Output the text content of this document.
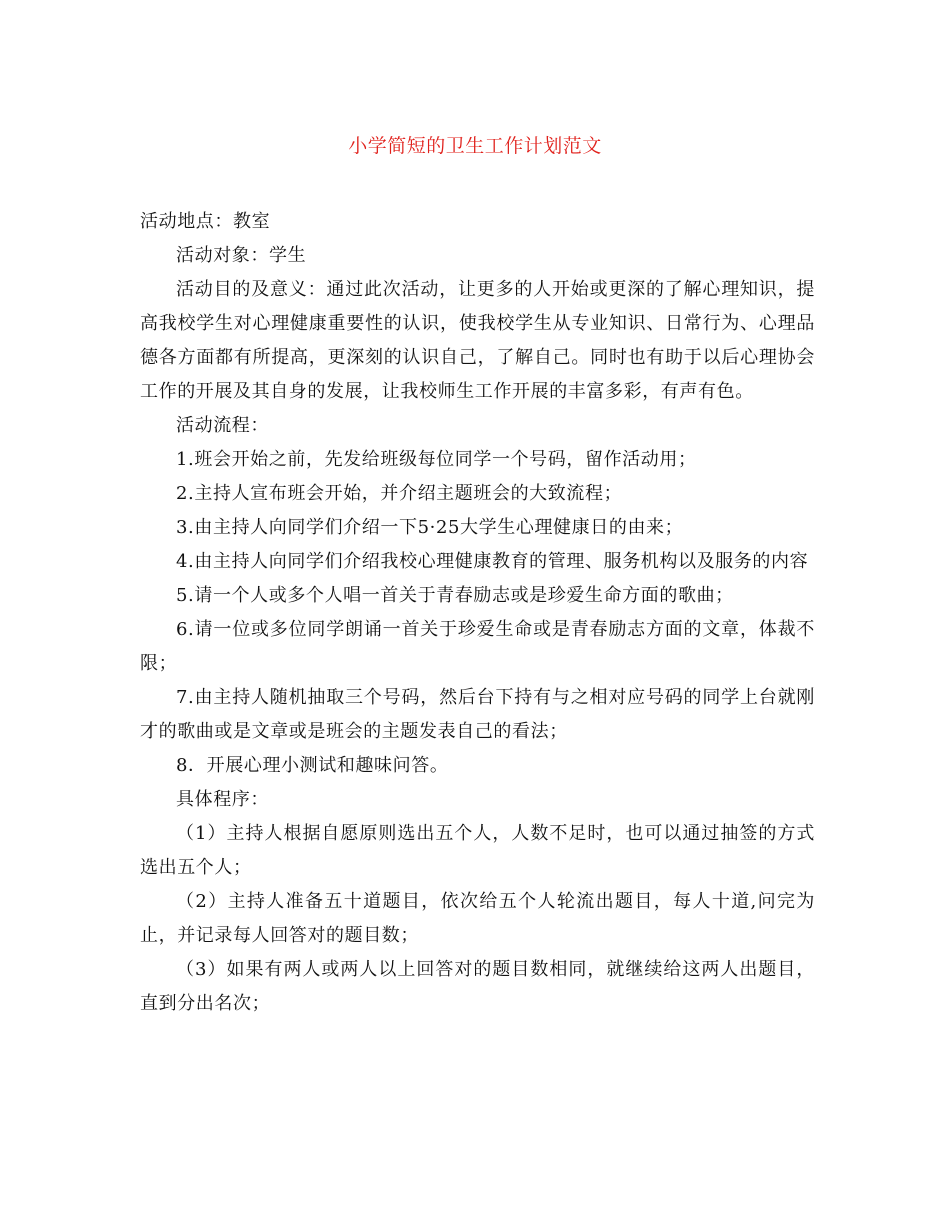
小学简短的卫生工作计划范文

活动地点：教室

活动对象：学生

活动目的及意义：通过此次活动，让更多的人开始或更深的了解心理知识，提高我校学生对心理健康重要性的认识，使我校学生从专业知识、日常行为、心理品德各方面都有所提高，更深刻的认识自己，了解自己。同时也有助于以后心理协会工作的开展及其自身的发展，让我校师生工作开展的丰富多彩，有声有色。

活动流程：

1.班会开始之前，先发给班级每位同学一个号码，留作活动用；

2.主持人宣布班会开始，并介绍主题班会的大致流程；

3.由主持人向同学们介绍一下5·25大学生心理健康日的由来；

4.由主持人向同学们介绍我校心理健康教育的管理、服务机构以及服务的内容

5.请一个人或多个人唱一首关于青春励志或是珍爱生命方面的歌曲；

6.请一位或多位同学朗诵一首关于珍爱生命或是青春励志方面的文章，体裁不限；

7.由主持人随机抽取三个号码，然后台下持有与之相对应号码的同学上台就刚才的歌曲或是文章或是班会的主题发表自己的看法；

8．开展心理小测试和趣味问答。

具体程序：

（1）主持人根据自愿原则选出五个人，人数不足时，也可以通过抽签的方式选出五个人；

（2）主持人准备五十道题目，依次给五个人轮流出题目，每人十道,问完为止，并记录每人回答对的题目数；

（3）如果有两人或两人以上回答对的题目数相同，就继续给这两人出题目，直到分出名次；
